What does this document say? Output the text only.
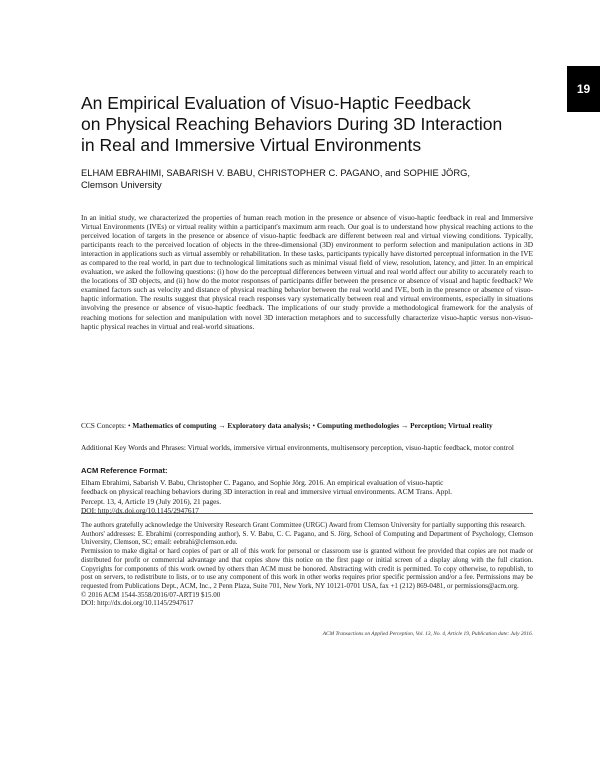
19
An Empirical Evaluation of Visuo-Haptic Feedback
on Physical Reaching Behaviors During 3D Interaction
in Real and Immersive Virtual Environments
ELHAM EBRAHIMI, SABARISH V. BABU, CHRISTOPHER C. PAGANO, and SOPHIE JÖRG,
Clemson University

In an initial study, we characterized the properties of human reach motion in the presence or absence of visuo-haptic feedback in real and Immersive Virtual Environments (IVEs) or virtual reality within a participant's maximum arm reach. Our goal is to understand how physical reaching actions to the perceived location of targets in the presence or absence of visuo-haptic feedback are different between real and virtual viewing conditions. Typically, participants reach to the perceived location of objects in the three-dimensional (3D) environment to perform selection and manipulation actions in 3D interaction in applications such as virtual assembly or rehabilitation. In these tasks, participants typically have distorted perceptual information in the IVE as compared to the real world, in part due to technological limitations such as minimal visual field of view, resolution, latency, and jitter. In an empirical evaluation, we asked the following questions: (i) how do the perceptual differences between virtual and real world affect our ability to accurately reach to the locations of 3D objects, and (ii) how do the motor responses of participants differ between the presence or absence of visual and haptic feedback? We examined factors such as velocity and distance of physical reaching behavior between the real world and IVE, both in the presence or absence of visuo-haptic information. The results suggest that physical reach responses vary systematically between real and virtual environments, especially in situations involving the presence or absence of visuo-haptic feedback. The implications of our study provide a methodological framework for the analysis of reaching motions for selection and manipulation with novel 3D interaction metaphors and to successfully characterize visuo-haptic versus non-visuo-haptic physical reaches in virtual and real-world situations.

CCS Concepts: • Mathematics of computing → Exploratory data analysis; • Computing methodologies → Perception; Virtual reality

Additional Key Words and Phrases: Virtual worlds, immersive virtual environments, multisensory perception, visuo-haptic feedback, motor control

ACM Reference Format:

Elham Ebrahimi, Sabarish V. Babu, Christopher C. Pagano, and Sophie Jörg. 2016. An empirical evaluation of visuo-haptic
feedback on physical reaching behaviors during 3D interaction in real and immersive virtual environments. ACM Trans. Appl.
Percept. 13, 4, Article 19 (July 2016), 21 pages.
DOI: http://dx.doi.org/10.1145/2947617

The authors gratefully acknowledge the University Research Grant Committee (URGC) Award from Clemson University for partially supporting this research.

Authors' addresses: E. Ebrahimi (corresponding author), S. V. Babu, C. C. Pagano, and S. Jörg, School of Computing and Department of Psychology, Clemson University, Clemson, SC; email: eebrahi@clemson.edu.

Permission to make digital or hard copies of part or all of this work for personal or classroom use is granted without fee provided that copies are not made or distributed for profit or commercial advantage and that copies show this notice on the first page or initial screen of a display along with the full citation. Copyrights for components of this work owned by others than ACM must be honored. Abstracting with credit is permitted. To copy otherwise, to republish, to post on servers, to redistribute to lists, or to use any component of this work in other works requires prior specific permission and/or a fee. Permissions may be requested from Publications Dept., ACM, Inc., 2 Penn Plaza, Suite 701, New York, NY 10121-0701 USA, fax +1 (212) 869-0481, or permissions@acm.org.

© 2016 ACM 1544-3558/2016/07-ART19 $15.00

DOI: http://dx.doi.org/10.1145/2947617

ACM Transactions on Applied Perception, Vol. 13, No. 4, Article 19, Publication date: July 2016.
